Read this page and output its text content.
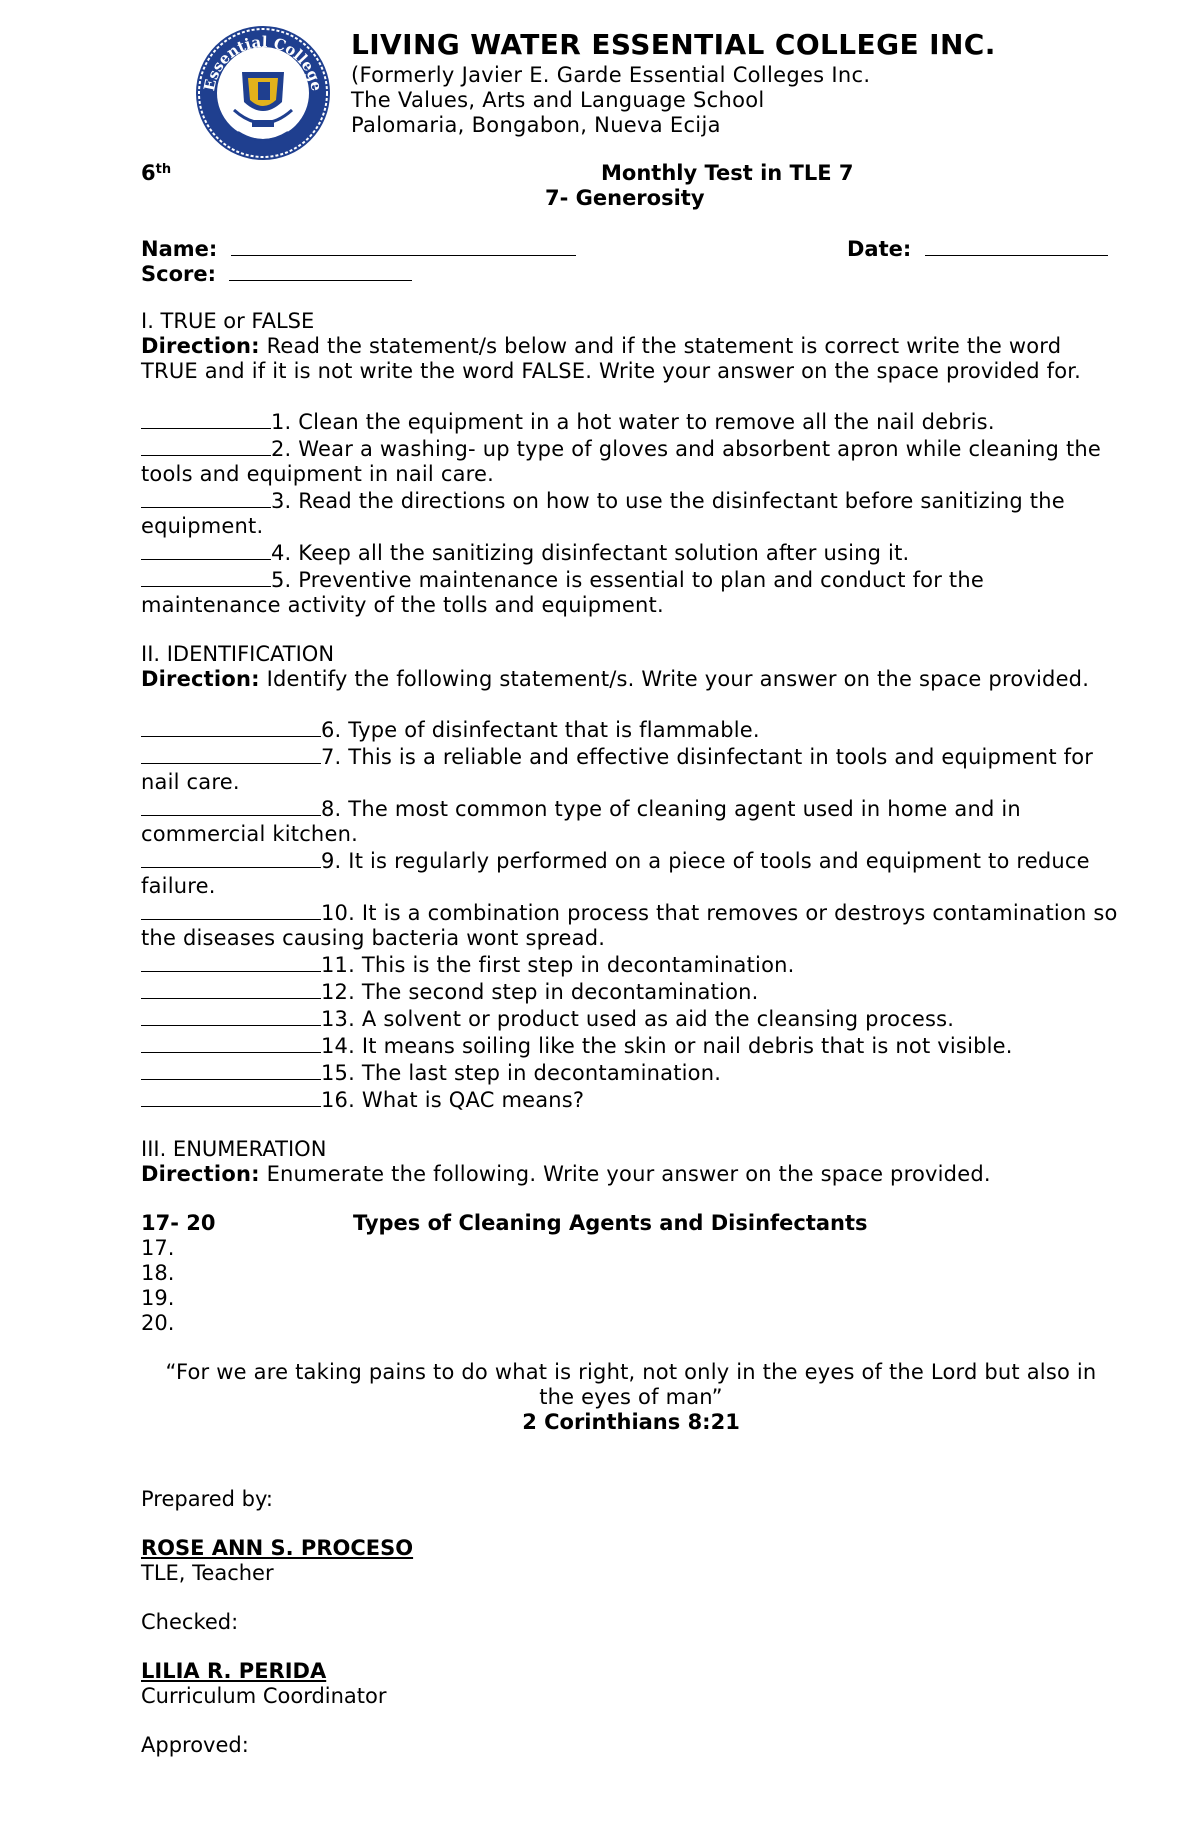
Essential College
LIVING WATER ESSENTIAL COLLEGE INC.
(Formerly Javier E. Garde Essential Colleges Inc.
The Values, Arts and Language School
Palomaria, Bongabon, Nueva Ecija
6th	Monthly Test in TLE 7
7- Generosity
Name:	Date:
Score:
I. TRUE or FALSE
Direction: Read the statement/s below and if the statement is correct write the word TRUE and if it is not write the word FALSE. Write your answer on the space provided for.
1. Clean the equipment in a hot water to remove all the nail debris.
2. Wear a washing- up type of gloves and absorbent apron while cleaning the tools and equipment in nail care.
3. Read the directions on how to use the disinfectant before sanitizing the equipment.
4. Keep all the sanitizing disinfectant solution after using it.
5. Preventive maintenance is essential to plan and conduct for the maintenance activity of the tolls and equipment.
II. IDENTIFICATION
Direction: Identify the following statement/s. Write your answer on the space provided.
6. Type of disinfectant that is flammable.
7. This is a reliable and effective disinfectant in tools and equipment for nail care.
8. The most common type of cleaning agent used in home and in commercial kitchen.
9. It is regularly performed on a piece of tools and equipment to reduce failure.
10. It is a combination process that removes or destroys contamination so the diseases causing bacteria wont spread.
11. This is the first step in decontamination.
12. The second step in decontamination.
13. A solvent or product used as aid the cleansing process.
14. It means soiling like the skin or nail debris that is not visible.
15. The last step in decontamination.
16. What is QAC means?
III. ENUMERATION
Direction: Enumerate the following. Write your answer on the space provided.
17- 20	Types of Cleaning Agents and Disinfectants
17.
18.
19.
20.
“For we are taking pains to do what is right, not only in the eyes of the Lord but also in the eyes of man”
2 Corinthians 8:21
Prepared by:
ROSE ANN S. PROCESO
TLE, Teacher
Checked:
LILIA R. PERIDA
Curriculum Coordinator
Approved:
